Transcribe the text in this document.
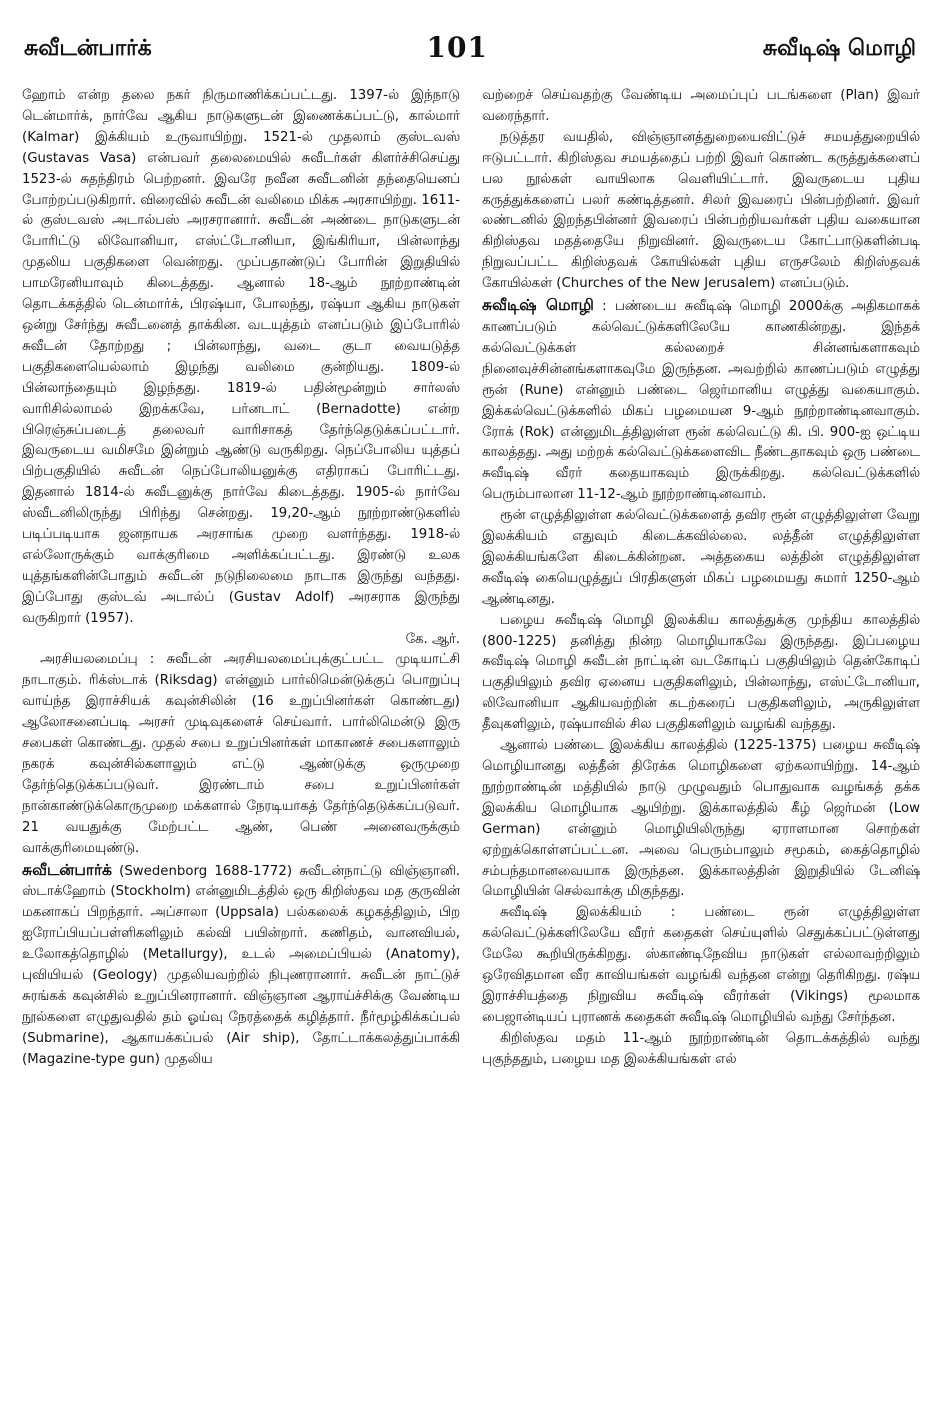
சுவீடன்பார்க்	101	சுவீடிஷ் மொழி

ஹோம் என்ற தலை நகர் நிருமாணிக்கப்பட்டது. 1397-ல் இந்நாடு டென்மார்க், நார்வே ஆகிய நாடுகளுடன் இணைக்கப்பட்டு, கால்மார் (Kalmar) இக்கியம் உருவாயிற்று. 1521-ல் முதலாம் குஸ்டவஸ் (Gustavas Vasa) என்பவர் தலைமையில் சுவீடர்கள் கிளர்ச்சிசெய்து 1523-ல் சுதந்திரம் பெற்றனர். இவரே நவீன சுவீடனின் தந்தையெனப் போற்றப்படுகிறார். விரைவில் சுவீடன் வலிமை மிக்க அரசாயிற்று. 1611-ல் குஸ்டவஸ் அடால்பஸ் அரசரானார். சுவீடன் அண்டை நாடுகளுடன் போரிட்டு லிவோனியா, எஸ்ட்டோனியா, இங்கிரியா, பின்லாந்து முதலிய பகுதிகளை வென்றது. முப்பதாண்டுப் போரின் இறுதியில் பாமரேனியாவும் கிடைத்தது. ஆனால் 18-ஆம் நூற்றாண்டின் தொடக்கத்தில் டென்மார்க், பிரஷ்யா, போலந்து, ரஷ்யா ஆகிய நாடுகள் ஒன்று சேர்ந்து சுவீடனைத் தாக்கின. வடயுத்தம் எனப்படும் இப்போரில் சுவீடன் தோற்றது ; பின்லாந்து, வடை குடா வையடுத்த பகுதிகளையெல்லாம் இழந்து வலிமை குன்றியது. 1809-ல் பின்லாந்தையும் இழந்தது. 1819-ல் பதின்மூன்றும் சார்லஸ் வாரிசில்லாமல் இறக்கவே, பர்னடாட் (Bernadotte) என்ற பிரெஞ்சுப்படைத் தலைவர் வாரிசாகத் தேர்ந்தெடுக்கப்பட்டார். இவருடைய வமிசமே இன்றும் ஆண்டு வருகிறது. நெப்போலிய யுத்தப் பிற்பகுதியில் சுவீடன் நெப்போலியனுக்கு எதிராகப் போரிட்டது. இதனால் 1814-ல் சுவீடனுக்கு நார்வே கிடைத்தது. 1905-ல் நார்வே ஸ்வீடனிலிருந்து பிரிந்து சென்றது. 19,20-ஆம் நூற்றாண்டுகளில் படிப்படியாக ஜனநாயக அரசாங்க முறை வளர்ந்தது. 1918-ல் எல்லோருக்கும் வாக்குரிமை அளிக்கப்பட்டது. இரண்டு உலக யுத்தங்களின்போதும் சுவீடன் நடுநிலைமை நாடாக இருந்து வந்தது. இப்போது குஸ்டவ் அடால்ப் (Gustav Adolf) அரசராக இருந்து வருகிறார் (1957).
கே. ஆர்.

அரசியலமைப்பு : சுவீடன் அரசியலமைப்புக்குட்பட்ட முடியாட்சி நாடாகும். ரிக்ஸ்டாக் (Riksdag) என்னும் பார்லிமென்டுக்குப் பொறுப்பு வாய்ந்த இராச்சியக் கவுன்சிலின் (16 உறுப்பினர்கள் கொண்டது) ஆலோசனைப்படி அரசர் முடிவுகளைச் செய்வார். பார்லிமென்டு இரு சபைகள் கொண்டது. முதல் சபை உறுப்பினர்கள் மாகாணச் சபைகளாலும் நகரக் கவுன்சில்களாலும் எட்டு ஆண்டுக்கு ஒருமுறை தேர்ந்தெடுக்கப்படுவர். இரண்டாம் சபை உறுப்பினர்கள் நான்காண்டுக்கொருமுறை மக்களால் நேரடியாகத் தேர்ந்தெடுக்கப்படுவர். 21 வயதுக்கு மேற்பட்ட ஆண், பெண் அனைவருக்கும் வாக்குரிமையுண்டு.

சுவீடன்பார்க் (Swedenborg 1688-1772) சுவீடன்நாட்டு விஞ்ஞானி. ஸ்டாக்ஹோம் (Stockholm) என்னுமிடத்தில் ஒரு கிறிஸ்தவ மத குருவின் மகனாகப் பிறந்தார். அப்சாலா (Uppsala) பல்கலைக் கழகத்திலும், பிற ஐரோப்பியப்பள்ளிகளிலும் கல்வி பயின்றார். கணிதம், வானவியல், உலோகத்தொழில் (Metallurgy), உடல் அமைப்பியல் (Anatomy), புவியியல் (Geology) முதலியவற்றில் நிபுணரானார். சுவீடன் நாட்டுச் சுரங்கக் கவுன்சில் உறுப்பினரானார். விஞ்ஞான ஆராய்ச்சிக்கு வேண்டிய நூல்களை எழுதுவதில் தம் ஓய்வு நேரத்தைக் கழித்தார். நீர்மூழ்கிக்கப்பல் (Submarine), ஆகாயக்கப்பல் (Air ship), தோட்டாக்கலத்துப்பாக்கி (Magazine-type gun) முதலிய

வற்றைச் செய்வதற்கு வேண்டிய அமைப்புப் படங்களை (Plan) இவர் வரைந்தார்.

நடுத்தர வயதில், விஞ்ஞானத்துறையைவிட்டுச் சமயத்துறையில் ஈடுபட்டார். கிறிஸ்தவ சமயத்தைப் பற்றி இவர் கொண்ட கருத்துக்களைப் பல நூல்கள் வாயிலாக வெளியிட்டார். இவருடைய புதிய கருத்துக்களைப் பலர் கண்டித்தனர். சிலர் இவரைப் பின்பற்றினர். இவர் லண்டனில் இறந்தபின்னர் இவரைப் பின்பற்றியவர்கள் புதிய வகையான கிறிஸ்தவ மதத்தையே நிறுவினர். இவருடைய கோட்பாடுகளின்படி நிறுவப்பட்ட கிறிஸ்தவக் கோயில்கள் புதிய எருசலேம் கிறிஸ்தவக் கோயில்கள் (Churches of the New Jerusalem) எனப்படும்.

சுவீடிஷ் மொழி : பண்டைய சுவீடிஷ் மொழி 2000க்கு அதிகமாகக் காணப்படும் கல்வெட்டுக்களிலேயே காணகின்றது. இந்தக் கல்வெட்டுக்கள் கல்லறைச் சின்னங்களாகவும் நினைவுச்சின்னங்களாகவுமே இருந்தன. அவற்றில் காணப்படும் எழுத்து ரூன் (Rune) என்னும் பண்டை ஜெர்மானிய எழுத்து வகையாகும். இக்கல்வெட்டுக்களில் மிகப் பழமையன 9-ஆம் நூற்றாண்டினவாகும். ரோக் (Rok) என்னுமிடத்திலுள்ள ரூன் கல்வெட்டு கி. பி. 900-ஐ ஒட்டிய காலத்தது. அது மற்றக் கல்வெட்டுக்களைவிட நீண்டதாகவும் ஒரு பண்டை சுவீடிஷ் வீரர் கதையாகவும் இருக்கிறது. கல்வெட்டுக்களில் பெரும்பாலான 11-12-ஆம் நூற்றாண்டினவாம்.

ரூன் எழுத்திலுள்ள கல்வெட்டுக்களைத் தவிர ரூன் எழுத்திலுள்ள வேறு இலக்கியம் எதுவும் கிடைக்கவில்லை. லத்தீன் எழுத்திலுள்ள இலக்கியங்களே கிடைக்கின்றன. அத்தகைய லத்தின் எழுத்திலுள்ள சுவீடிஷ் கையெழுத்துப் பிரதிகளுள் மிகப் பழமையது சுமார் 1250-ஆம் ஆண்டினது.

பழைய சுவீடிஷ் மொழி இலக்கிய காலத்துக்கு முந்திய காலத்தில் (800-1225) தனித்து நின்ற மொழியாகவே இருந்தது. இப்பழைய சுவீடிஷ் மொழி சுவீடன் நாட்டின் வடகோடிப் பகுதியிலும் தென்கோடிப் பகுதியிலும் தவிர ஏனைய பகுதிகளிலும், பின்லாந்து, எஸ்ட்டோனியா, லிவோனியா ஆகியவற்றின் கடற்கரைப் பகுதிகளிலும், அருகிலுள்ள தீவுகளிலும், ரஷ்யாவில் சில பகுதிகளிலும் வழங்கி வந்தது.

ஆனால் பண்டை இலக்கிய காலத்தில் (1225-1375) பழைய சுவீடிஷ் மொழியானது லத்தீன் திரேக்க மொழிகளை ஏற்கலாயிற்று. 14-ஆம் நூற்றாண்டின் மத்தியில் நாடு முழுவதும் பொதுவாக வழங்கத் தக்க இலக்கிய மொழியாக ஆயிற்று. இக்காலத்தில் கீழ் ஜெர்மன் (Low German) என்னும் மொழியிலிருந்து ஏராளமான சொற்கள் ஏற்றுக்கொள்ளப்பட்டன. அவை பெரும்பாலும் சமூகம், கைத்தொழில் சம்பந்தமானவையாக இருந்தன. இக்காலத்தின் இறுதியில் டேனிஷ் மொழியின் செல்வாக்கு மிகுந்தது.

சுவீடிஷ் இலக்கியம் : பண்டை ரூன் எழுத்திலுள்ள கல்வெட்டுக்களிலேயே வீரர் கதைகள் செய்யுளில் செதுக்கப்பட்டுள்ளது மேலே கூறியிருக்கிறது. ஸ்காண்டிநேவிய நாடுகள் எல்லாவற்றிலும் ஒரேவிதமான வீர காவியங்கள் வழங்கி வந்தன என்று தெரிகிறது. ரஷ்ய இராச்சியத்தை நிறுவிய சுவீடிஷ் வீரர்கள் (Vikings) மூலமாக பைஜான்டியப் புராணக் கதைகள் சுவீடிஷ் மொழியில் வந்து சேர்ந்தன.

கிறிஸ்தவ மதம் 11-ஆம் நூற்றாண்டின் தொடக்கத்தில் வந்து புகுந்ததும், பழைய மத இலக்கியங்கள் எல்
